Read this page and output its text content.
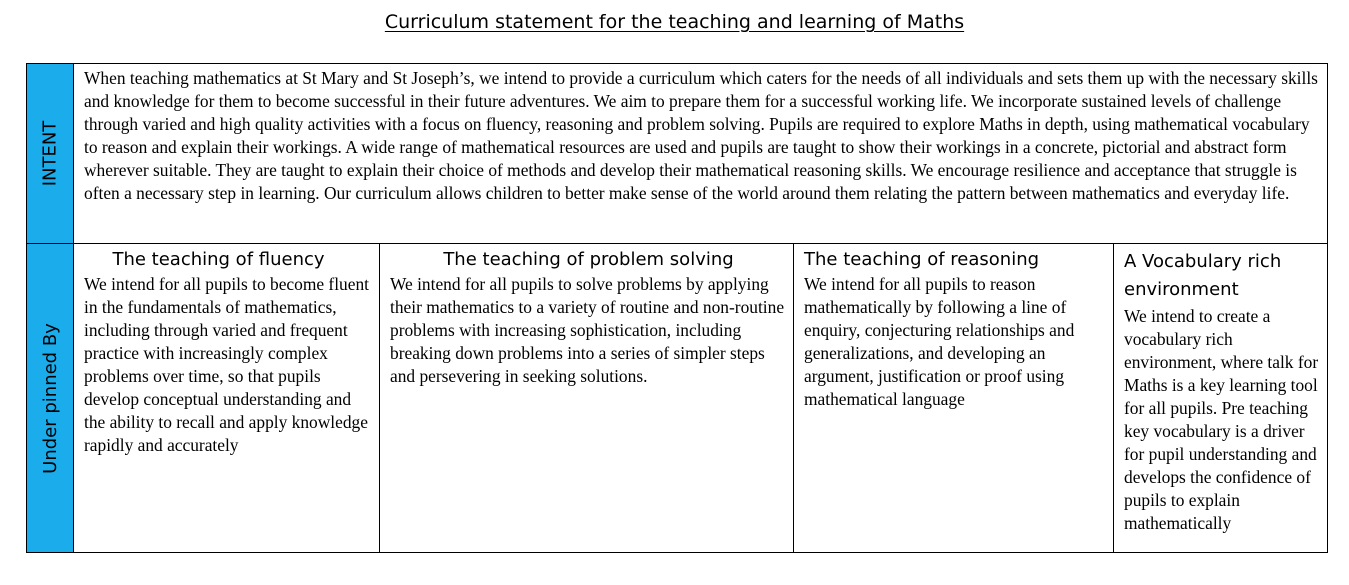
Curriculum statement for the teaching and learning of Maths
INTENT
When teaching mathematics at St Mary and St Joseph’s, we intend to provide a curriculum which caters for the needs of all individuals and sets them up with the necessary skills and knowledge for them to become successful in their future adventures. We aim to prepare them for a successful working life. We incorporate sustained levels of challenge through varied and high quality activities with a focus on fluency, reasoning and problem solving. Pupils are required to explore Maths in depth, using mathematical vocabulary to reason and explain their workings. A wide range of mathematical resources are used and pupils are taught to show their workings in a concrete, pictorial and abstract form wherever suitable. They are taught to explain their choice of methods and develop their mathematical reasoning skills. We encourage resilience and acceptance that struggle is often a necessary step in learning. Our curriculum allows children to better make sense of the world around them relating the pattern between mathematics and everyday life.
Under pinned By
The teaching of fluency

We intend for all pupils to become fluent in the fundamentals of mathematics, including through varied and frequent practice with increasingly complex problems over time, so that pupils develop conceptual understanding and the ability to recall and apply knowledge rapidly and accurately

The teaching of problem solving

We intend for all pupils to solve problems by applying their mathematics to a variety of routine and non-routine problems with increasing sophistication, including breaking down problems into a series of simpler steps and persevering in seeking solutions.

The teaching of reasoning

We intend for all pupils to reason mathematically by following a line of enquiry, conjecturing relationships and generalizations, and developing an argument, justification or proof using mathematical language

A Vocabulary rich environment

We intend to create a vocabulary rich environment, where talk for Maths is a key learning tool for all pupils. Pre teaching key vocabulary is a driver for pupil understanding and develops the confidence of pupils to explain mathematically
